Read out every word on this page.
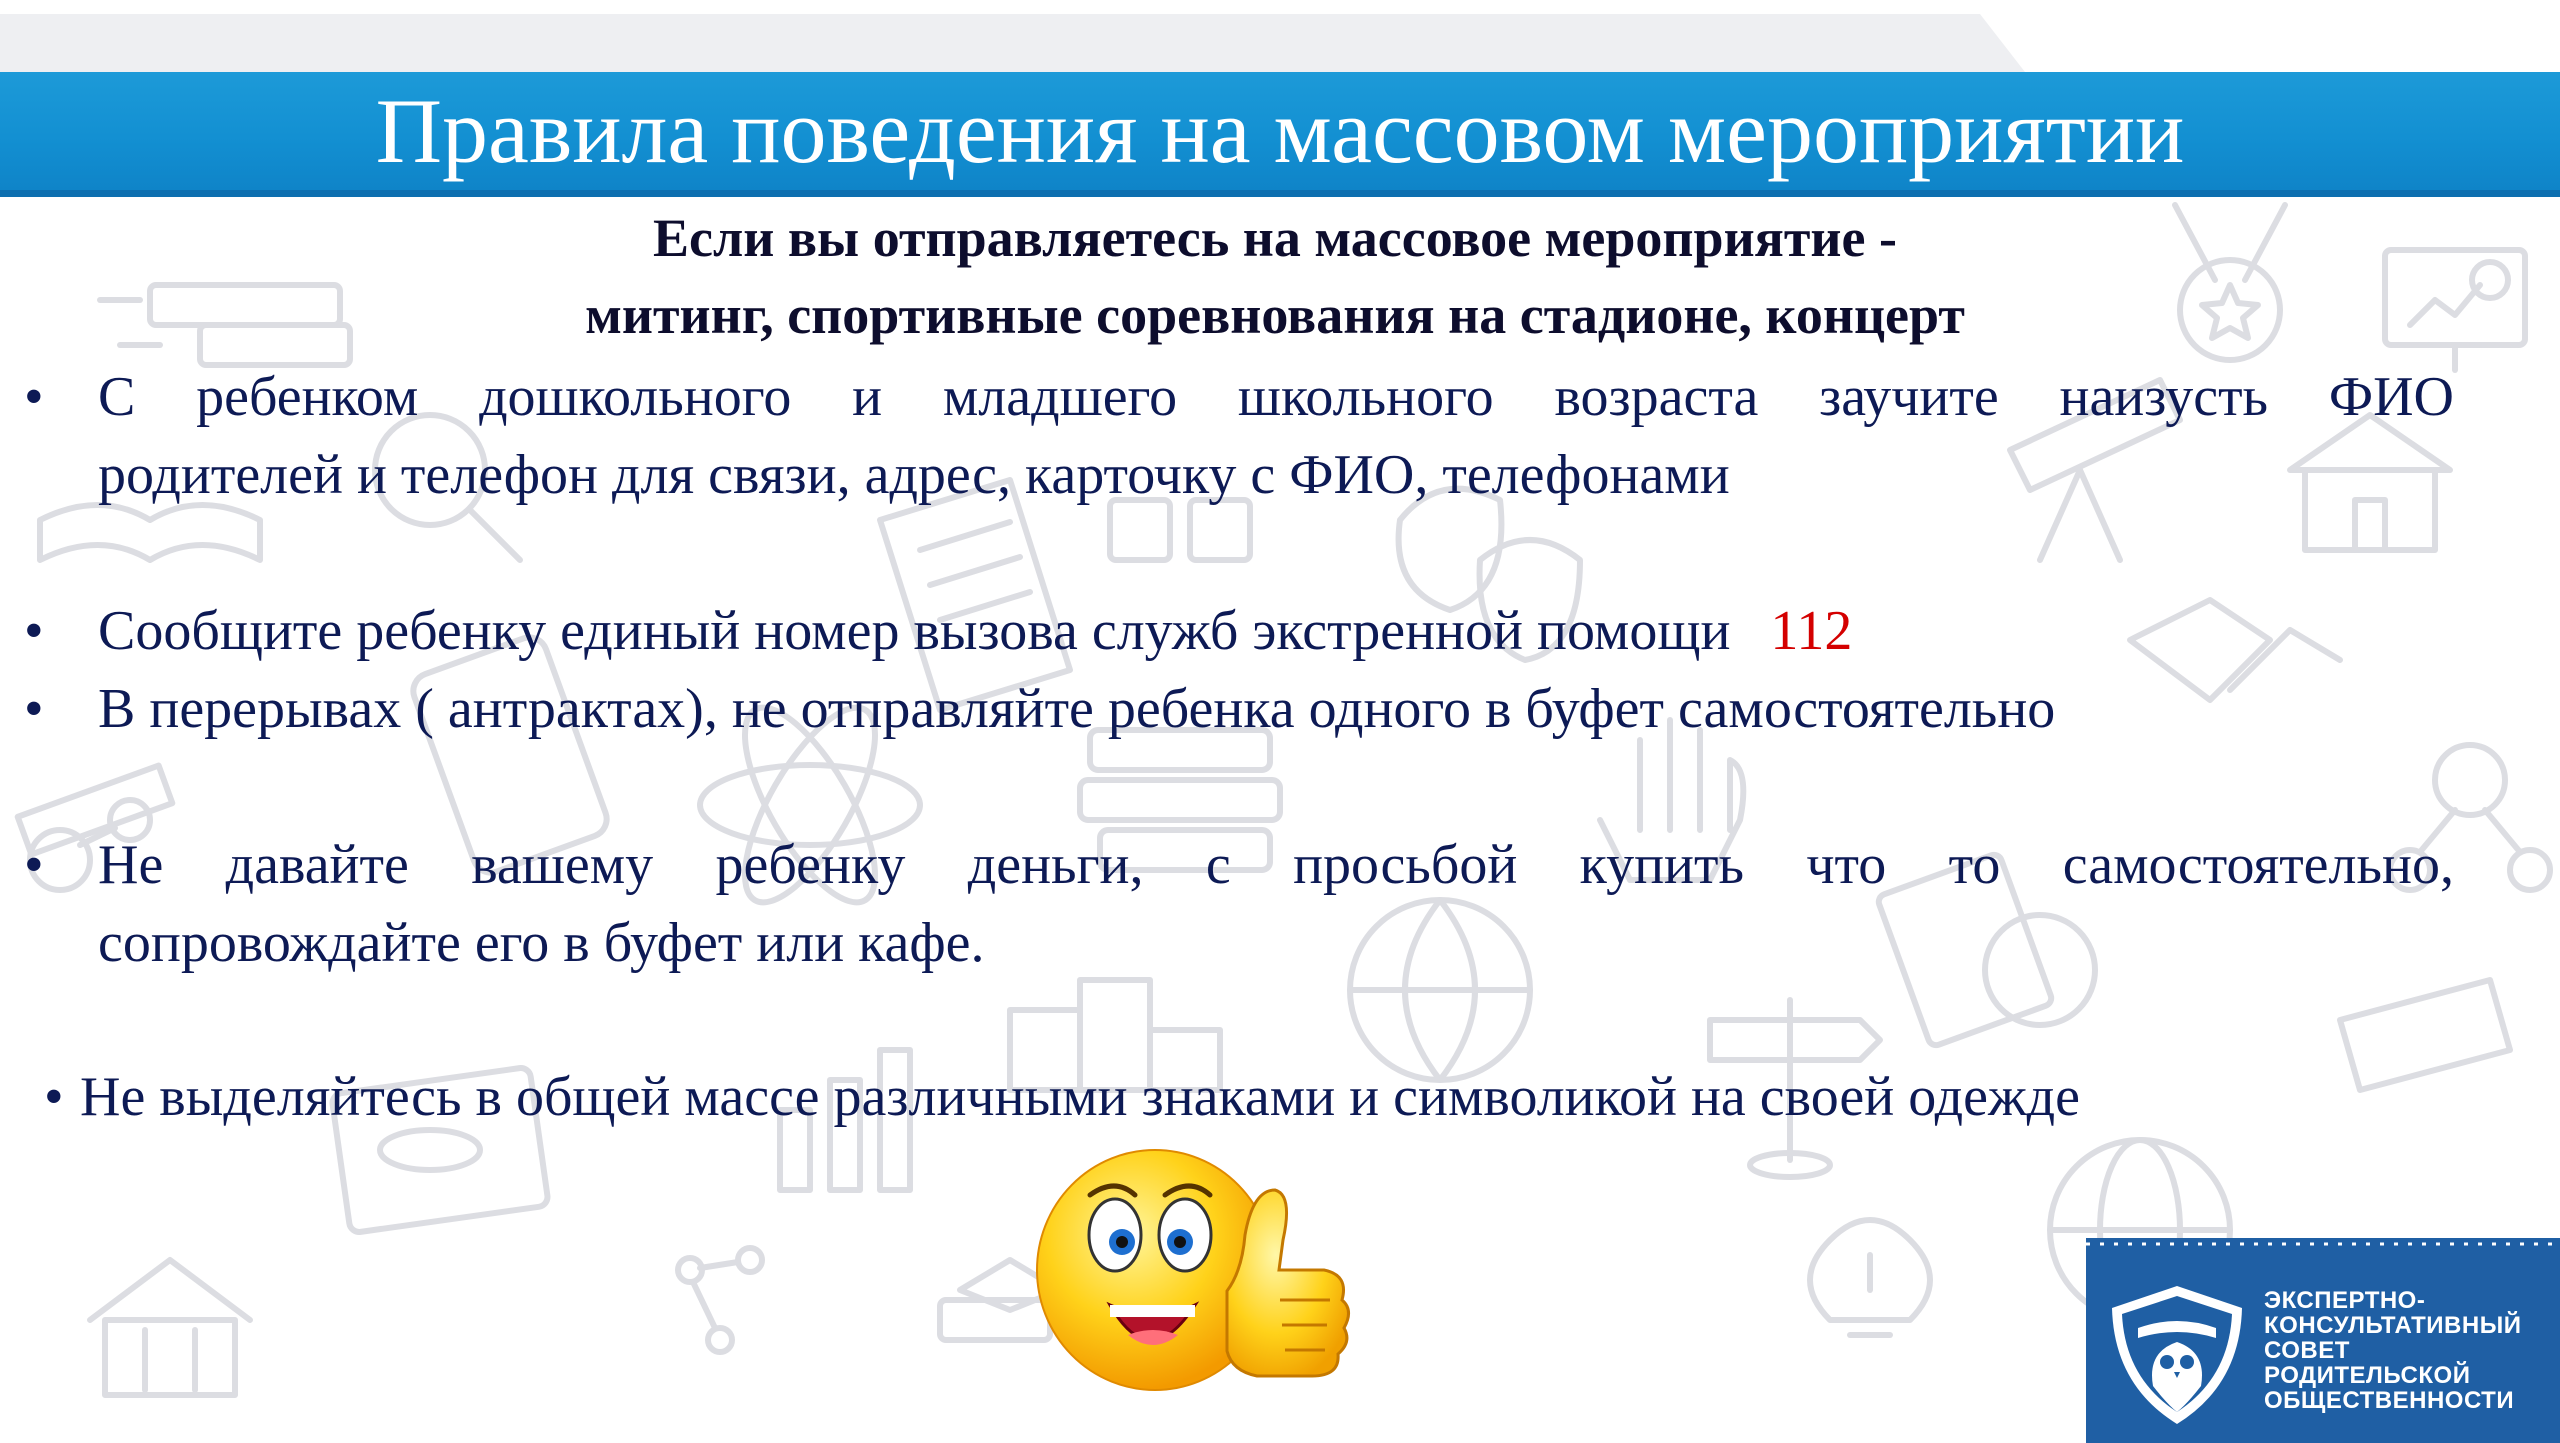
Правила поведения на массовом мероприятии
Если вы отправляетесь на массовое мероприятие -
митинг, спортивные соревнования на стадионе, концерт
• С ребенком дошкольного и младшего школьного возраста заучите наизусть ФИО
родителей и телефон для связи, адрес, карточку с ФИО, телефонами
• Сообщите ребенку единый номер вызова служб экстренной помощи 112
• В перерывах ( антрактах), не отправляйте ребенка одного в буфет самостоятельно
• Не давайте вашему ребенку деньги, с просьбой купить что то самостоятельно,
сопровождайте его в буфет или кафе.
• Не выделяйтесь в общей массе различными знаками и символикой на своей одежде
ЭКСПЕРТНО-
КОНСУЛЬТАТИВНЫЙ
СОВЕТ
РОДИТЕЛЬСКОЙ
ОБЩЕСТВЕННОСТИ
